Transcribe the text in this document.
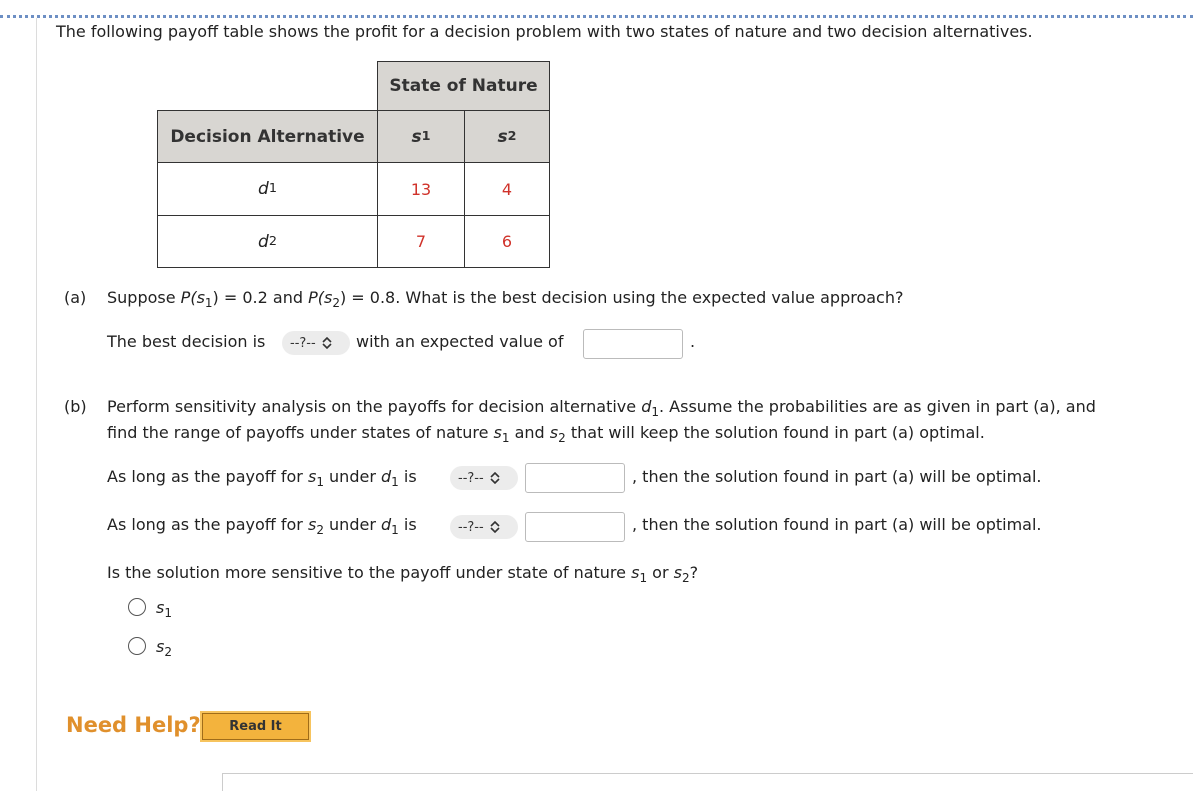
The following payoff table shows the profit for a decision problem with two states of nature and two decision alternatives.
State of Nature
Decision Alternative	s 1	s 2
d 1	13	4
d 2	7	6
(a) Suppose $P(s_1) = 0.2$ and $P(s_2) = 0.8$. What is the best decision using the expected value approach?
The best decision is --?--	with an expected value of	.
(b) Perform sensitivity analysis on the payoffs for decision alternative $d_1$. Assume the probabilities are as given in part (a), and
find the range of payoffs under states of nature $s_1$ and $s_2$ that will keep the solution found in part (a) optimal.
As long as the payoff for $s_1$ under $d_1$ is	--?--	, then the solution found in part (a) will be optimal.
As long as the payoff for $s_2$ under $d_1$ is	--?--	, then the solution found in part (a) will be optimal.
Is the solution more sensitive to the payoff under state of nature $s_1$ or $s_2$?
$s_1$
$s_2$
Need Help?	Read It
